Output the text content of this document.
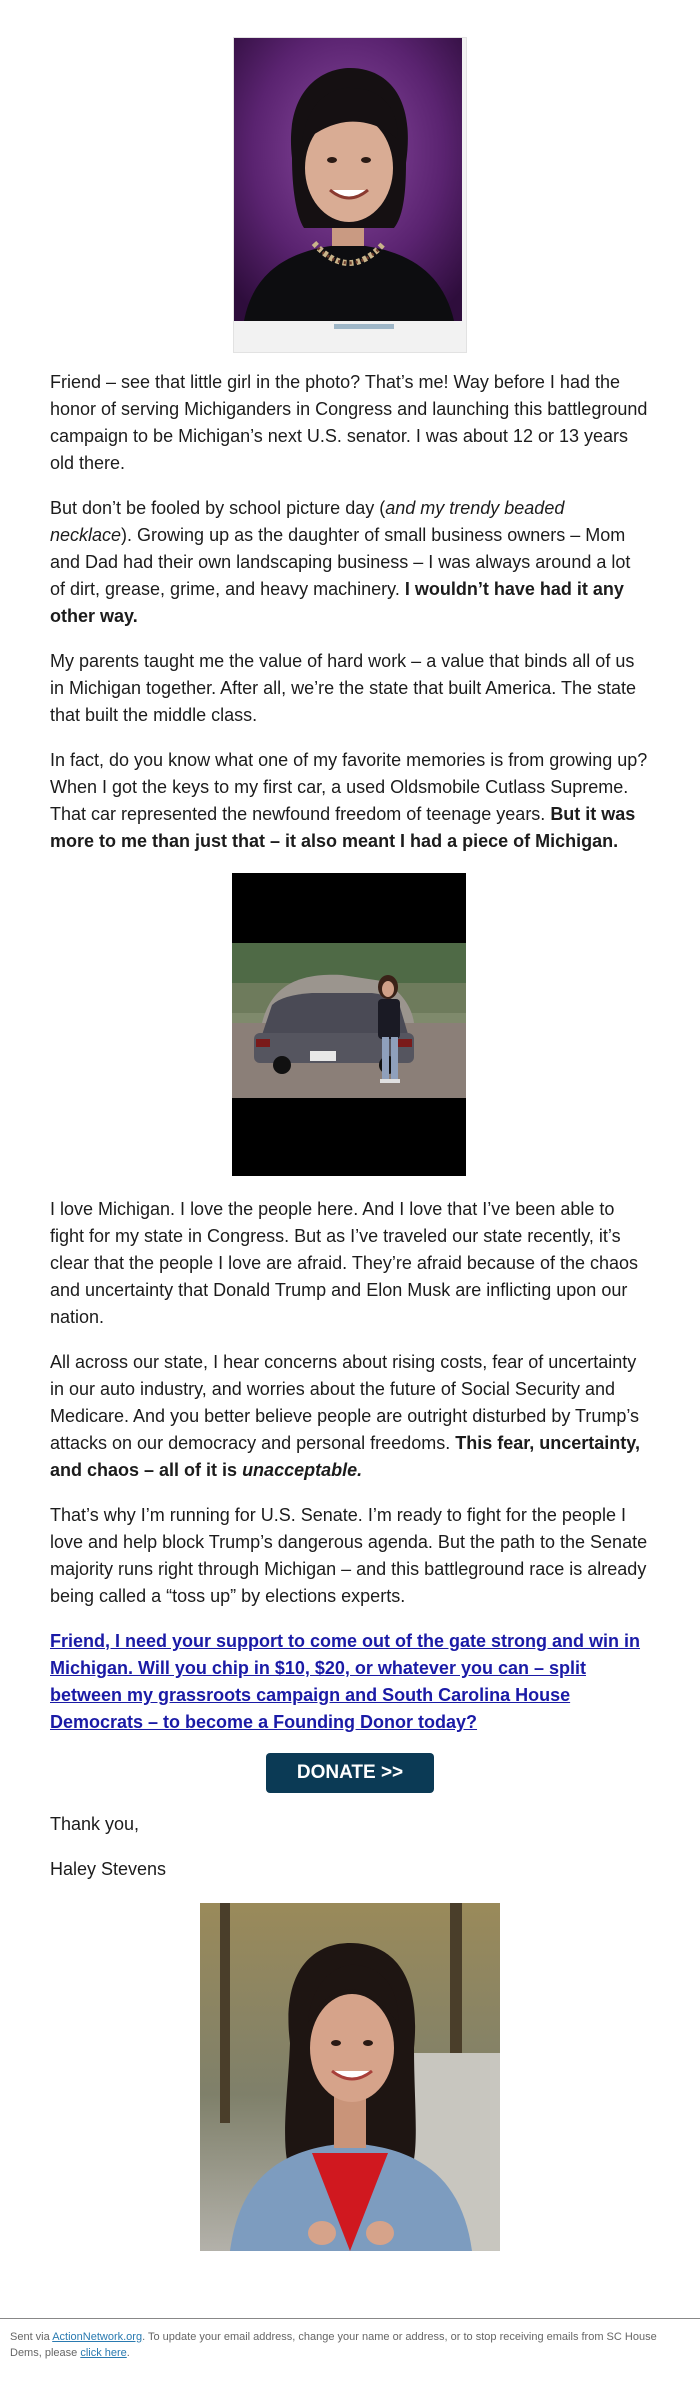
Friend – see that little girl in the photo? That’s me! Way before I had the honor of serving Michiganders in Congress and launching this battleground campaign to be Michigan’s next U.S. senator. I was about 12 or 13 years old there.

But don’t be fooled by school picture day (and my trendy beaded necklace). Growing up as the daughter of small business owners – Mom and Dad had their own landscaping business – I was always around a lot of dirt, grease, grime, and heavy machinery. I wouldn’t have had it any other way.

My parents taught me the value of hard work – a value that binds all of us in Michigan together. After all, we’re the state that built America. The state that built the middle class.

In fact, do you know what one of my favorite memories is from growing up? When I got the keys to my first car, a used Oldsmobile Cutlass Supreme. That car represented the newfound freedom of teenage years. But it was more to me than just that – it also meant I had a piece of Michigan.

I love Michigan. I love the people here. And I love that I’ve been able to fight for my state in Congress. But as I’ve traveled our state recently, it’s clear that the people I love are afraid. They’re afraid because of the chaos and uncertainty that Donald Trump and Elon Musk are inflicting upon our nation.

All across our state, I hear concerns about rising costs, fear of uncertainty in our auto industry, and worries about the future of Social Security and Medicare. And you better believe people are outright disturbed by Trump’s attacks on our democracy and personal freedoms. This fear, uncertainty, and chaos – all of it is unacceptable.

That’s why I’m running for U.S. Senate. I’m ready to fight for the people I love and help block Trump’s dangerous agenda. But the path to the Senate majority runs right through Michigan – and this battleground race is already being called a “toss up” by elections experts.

Friend, I need your support to come out of the gate strong and win in Michigan. Will you chip in $10, $20, or whatever you can – split between my grassroots campaign and South Carolina House Democrats – to become a Founding Donor today?
DONATE >>

Thank you,

Haley Stevens

Sent via ActionNetwork.org. To update your email address, change your name or address, or to stop receiving emails from SC House Dems, please click here.
